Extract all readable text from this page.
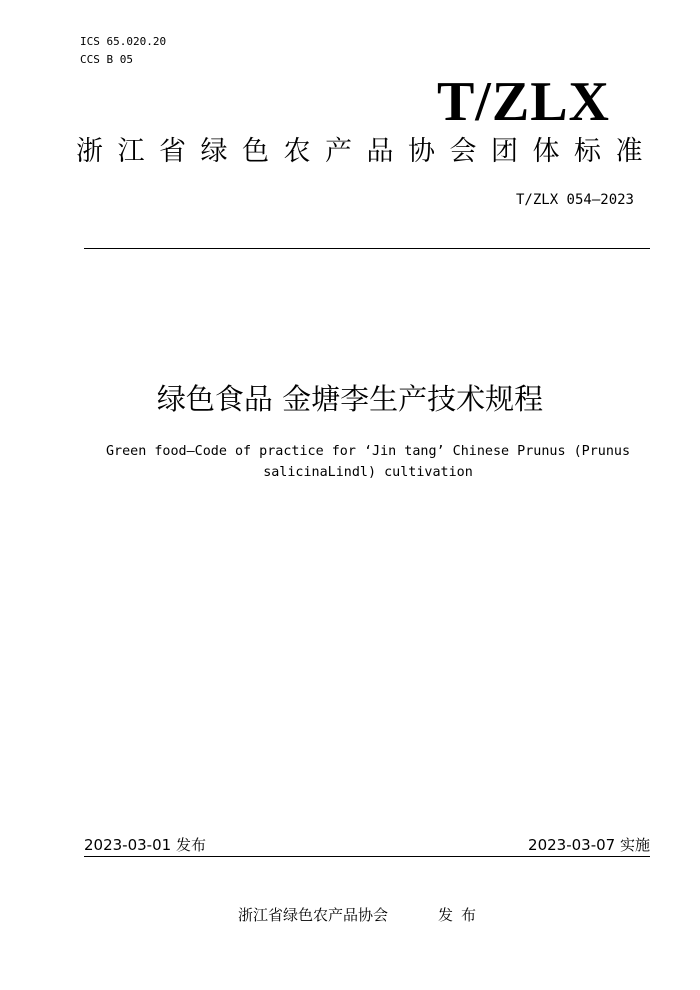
ICS 65.020.20
CCS B 05
T/ZLX
浙江省绿色农产品协会团体标准
T/ZLX 054—2023
绿色食品 金塘李生产技术规程
Green food—Code of practice for ‘Jin tang’ Chinese Prunus (Prunus
salicinaLindl) cultivation
2023-03-01 发布	2023-03-07 实施
浙江省绿色农产品协会	发布
